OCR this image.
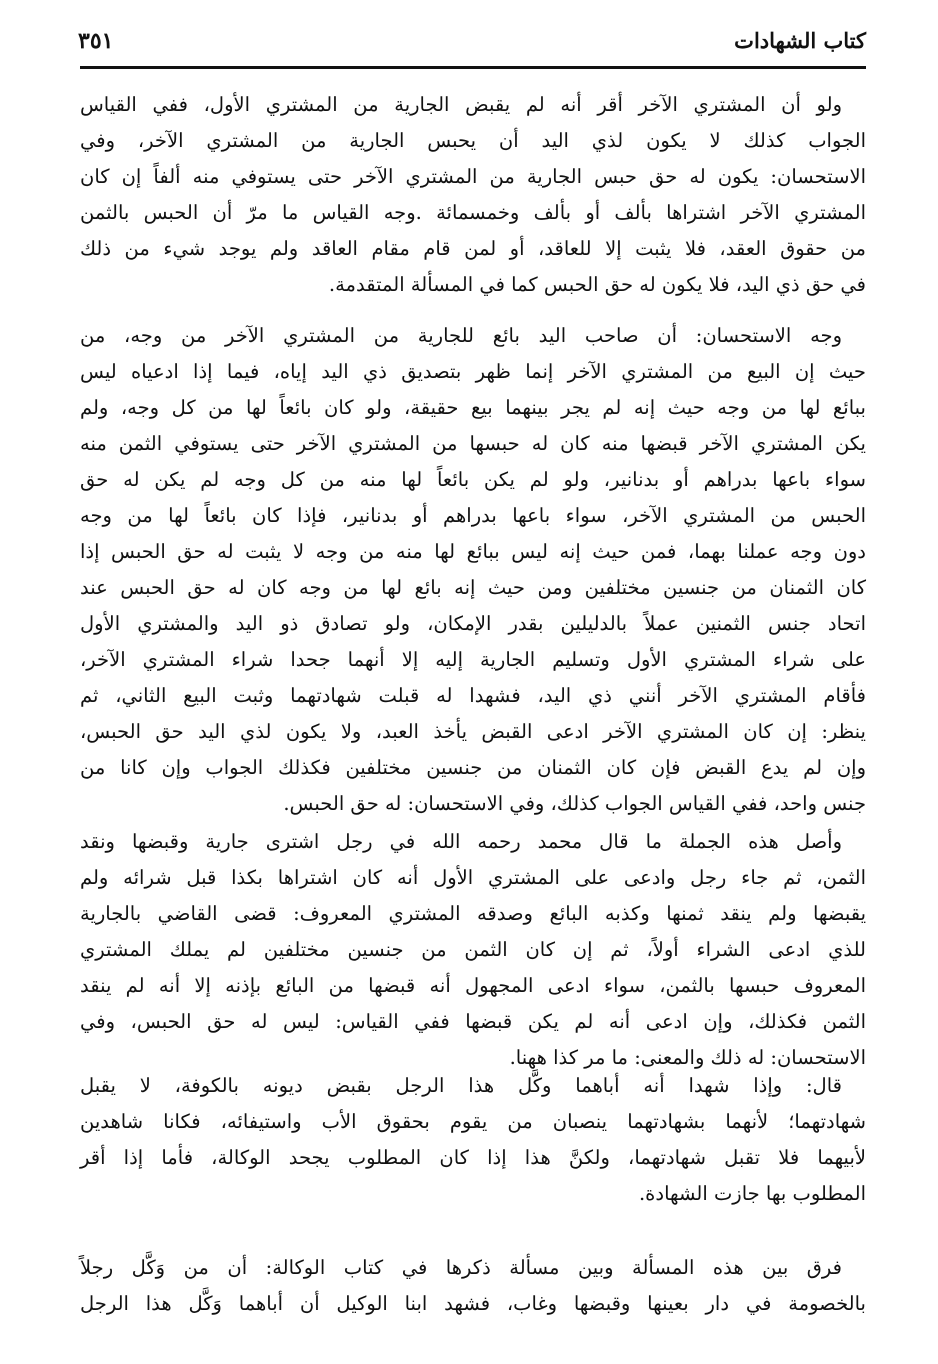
كتاب الشهادات
٣٥١
ولو أن المشتري الآخر أقر أنه لم يقبض الجارية من المشتري الأول، ففي القياس
الجواب كذلك لا يكون لذي اليد أن يحبس الجارية من المشتري الآخر، وفي
الاستحسان: يكون له حق حبس الجارية من المشتري الآخر حتى يستوفي منه ألفاً إن كان
المشتري الآخر اشتراها بألف أو بألف وخمسمائة .وجه القياس ما مرّ أن الحبس بالثمن
من حقوق العقد، فلا يثبت إلا للعاقد، أو لمن قام مقام العاقد ولم يوجد شيء من ذلك
في حق ذي اليد، فلا يكون له حق الحبس كما في المسألة المتقدمة.
وجه الاستحسان: أن صاحب اليد بائع للجارية من المشتري الآخر من وجه، من
حيث إن البيع من المشتري الآخر إنما ظهر بتصديق ذي اليد إياه، فيما إذا ادعياه ليس
ببائع لها من وجه حيث إنه لم يجر بينهما بيع حقيقة، ولو كان بائعاً لها من كل وجه، ولم
يكن المشتري الآخر قبضها منه كان له حبسها من المشتري الآخر حتى يستوفي الثمن منه
سواء باعها بدراهم أو بدنانير، ولو لم يكن بائعاً لها منه من كل وجه لم يكن له حق
الحبس من المشتري الآخر، سواء باعها بدراهم أو بدنانير، فإذا كان بائعاً لها من وجه
دون وجه عملنا بهما، فمن حيث إنه ليس ببائع لها منه من وجه لا يثبت له حق الحبس إذا
كان الثمنان من جنسين مختلفين ومن حيث إنه بائع لها من وجه كان له حق الحبس عند
اتحاد جنس الثمنين عملاً بالدليلين بقدر الإمكان، ولو تصادق ذو اليد والمشتري الأول
على شراء المشتري الأول وتسليم الجارية إليه إلا أنهما جحدا شراء المشتري الآخر،
فأقام المشتري الآخر أنني ذي اليد، فشهدا له قبلت شهادتهما وثبت البيع الثاني، ثم
ينظر: إن كان المشتري الآخر ادعى القبض يأخذ العبد، ولا يكون لذي اليد حق الحبس،
وإن لم يدع القبض فإن كان الثمنان من جنسين مختلفين فكذلك الجواب وإن كانا من
جنس واحد، ففي القياس الجواب كذلك، وفي الاستحسان: له حق الحبس.
وأصل هذه الجملة ما قال محمد رحمه الله في رجل اشترى جارية وقبضها ونقد
الثمن، ثم جاء رجل وادعى على المشتري الأول أنه كان اشتراها بكذا قبل شرائه ولم
يقبضها ولم ينقد ثمنها وكذبه البائع وصدقه المشتري المعروف: قضى القاضي بالجارية
للذي ادعى الشراء أولاً، ثم إن كان الثمن من جنسين مختلفين لم يملك المشتري
المعروف حبسها بالثمن، سواء ادعى المجهول أنه قبضها من البائع بإذنه إلا أنه لم ينقد
الثمن فكذلك، وإن ادعى أنه لم يكن قبضها ففي القياس: ليس له حق الحبس، وفي
الاستحسان: له ذلك والمعنى: ما مر كذا ههنا.
قال: وإذا شهدا أنه أباهما وكَّل هذا الرجل بقبض ديونه بالكوفة، لا يقبل
شهادتهما؛ لأنهما بشهادتهما ينصبان من يقوم بحقوق الأب واستيفائه، فكانا شاهدين
لأبيهما فلا تقبل شهادتهما، ولكنَّ هذا إذا كان المطلوب يجحد الوكالة، فأما إذا أقر
المطلوب بها جازت الشهادة.
فرق بين هذه المسألة وبين مسألة ذكرها في كتاب الوكالة: أن من وَكَّل رجلاً
بالخصومة في دار بعينها وقبضها وغاب، فشهد ابنا الوكيل أن أباهما وَكَّل هذا الرجل
